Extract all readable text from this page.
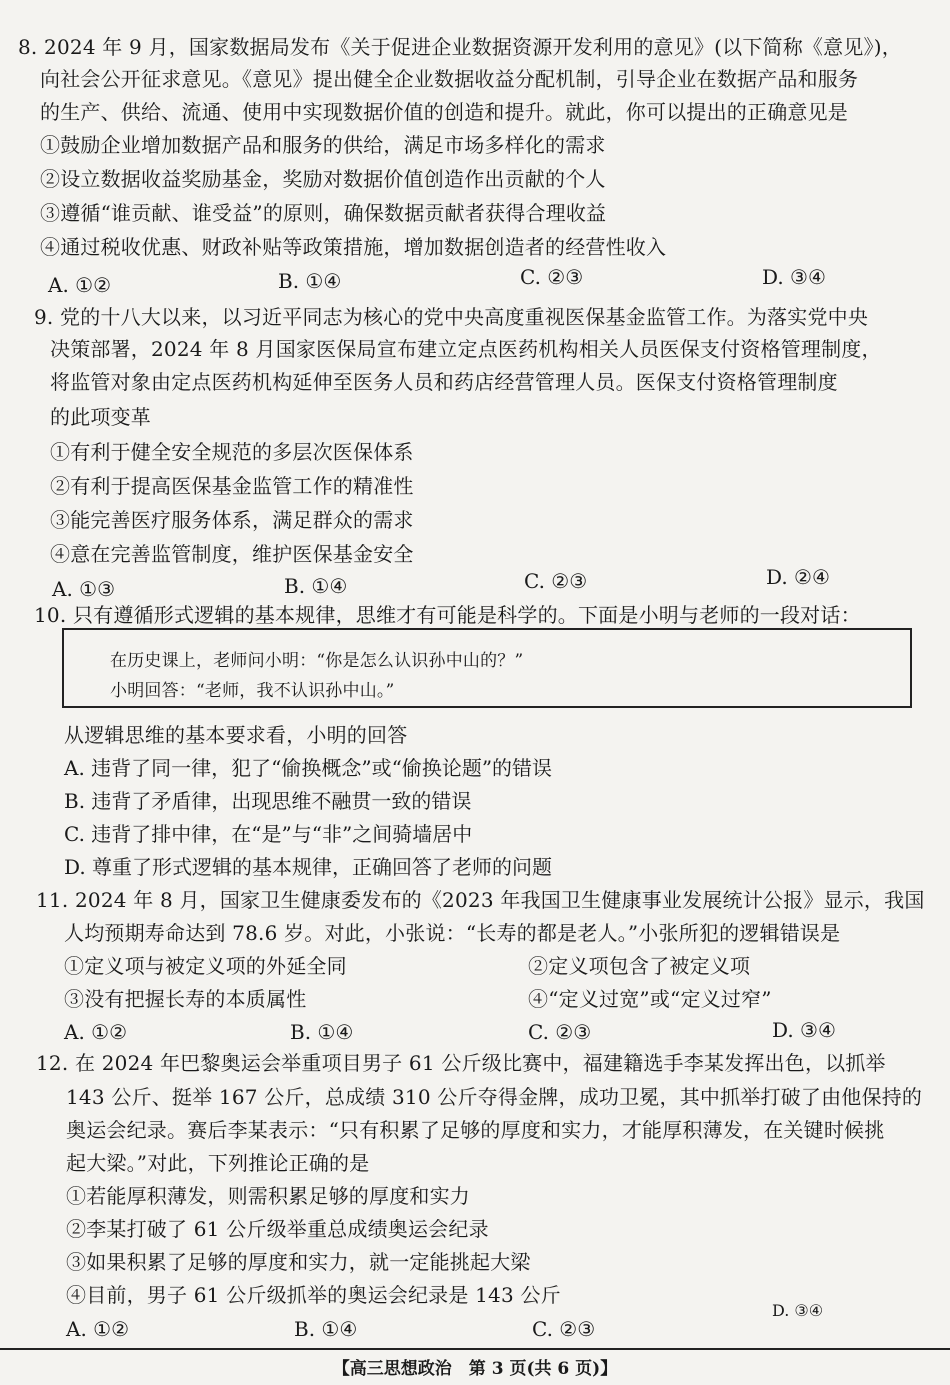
8. 2024 年 9 月，国家数据局发布《关于促进企业数据资源开发利用的意见》(以下简称《意见》)，
向社会公开征求意见。《意见》提出健全企业数据收益分配机制，引导企业在数据产品和服务
的生产、供给、流通、使用中实现数据价值的创造和提升。就此，你可以提出的正确意见是
①鼓励企业增加数据产品和服务的供给，满足市场多样化的需求
②设立数据收益奖励基金，奖励对数据价值创造作出贡献的个人
③遵循“谁贡献、谁受益”的原则，确保数据贡献者获得合理收益
④通过税收优惠、财政补贴等政策措施，增加数据创造者的经营性收入
A. ①②	B. ①④	C. ②③	D. ③④
9. 党的十八大以来，以习近平同志为核心的党中央高度重视医保基金监管工作。为落实党中央
决策部署，2024 年 8 月国家医保局宣布建立定点医药机构相关人员医保支付资格管理制度，
将监管对象由定点医药机构延伸至医务人员和药店经营管理人员。医保支付资格管理制度
的此项变革
①有利于健全安全规范的多层次医保体系
②有利于提高医保基金监管工作的精准性
③能完善医疗服务体系，满足群众的需求
④意在完善监管制度，维护医保基金安全
A. ①③	B. ①④	C. ②③	D. ②④
10. 只有遵循形式逻辑的基本规律，思维才有可能是科学的。下面是小明与老师的一段对话：
在历史课上，老师问小明：“你是怎么认识孙中山的？”
小明回答：“老师，我不认识孙中山。”
从逻辑思维的基本要求看，小明的回答
A. 违背了同一律，犯了“偷换概念”或“偷换论题”的错误
B. 违背了矛盾律，出现思维不融贯一致的错误
C. 违背了排中律，在“是”与“非”之间骑墙居中
D. 尊重了形式逻辑的基本规律，正确回答了老师的问题
11. 2024 年 8 月，国家卫生健康委发布的《2023 年我国卫生健康事业发展统计公报》显示，我国
人均预期寿命达到 78.6 岁。对此，小张说：“长寿的都是老人。”小张所犯的逻辑错误是
①定义项与被定义项的外延全同	②定义项包含了被定义项
③没有把握长寿的本质属性	④“定义过宽”或“定义过窄”
A. ①②	B. ①④	C. ②③	D. ③④
12. 在 2024 年巴黎奥运会举重项目男子 61 公斤级比赛中，福建籍选手李某发挥出色，以抓举
143 公斤、挺举 167 公斤，总成绩 310 公斤夺得金牌，成功卫冕，其中抓举打破了由他保持的
奥运会纪录。赛后李某表示：“只有积累了足够的厚度和实力，才能厚积薄发，在关键时候挑
起大梁。”对此，下列推论正确的是
①若能厚积薄发，则需积累足够的厚度和实力
②李某打破了 61 公斤级举重总成绩奥运会纪录
③如果积累了足够的厚度和实力，就一定能挑起大梁
④目前，男子 61 公斤级抓举的奥运会纪录是 143 公斤
A. ①②	B. ①④	C. ②③
D. ③④
【高三思想政治　第 3 页(共 6 页)】
